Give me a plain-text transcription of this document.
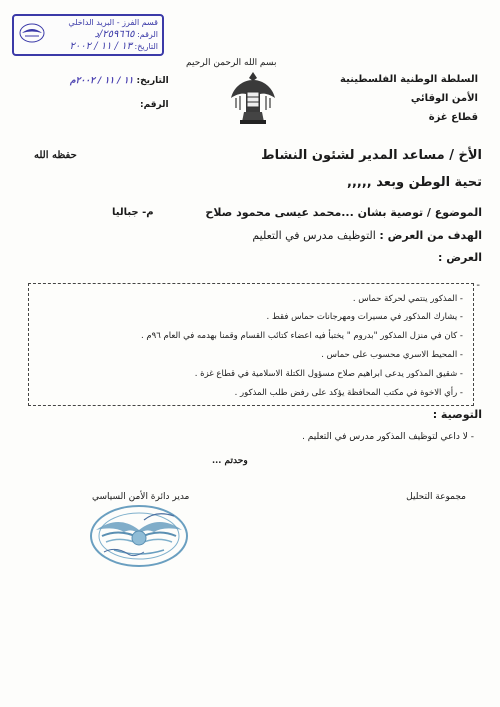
قسم الفرز - البريد الداخلي
الرقم: ٢٥٩٦٦٥/د
التاريخ: ١٣ / ١١ / ٢٠٠٢
بسم الله الرحمن الرحيم
التاريخ: ١١ / ١١ / ٢٠٠٢م
الرقم:
السلطة الوطنية الفلسطينية
الأمن الوقائي
قطاع غزة
الأخ / مساعد المدير لشئون النشاط
حفظه الله
تحية الوطن وبعد ,,,,,
الموضوع / توصية بشان ...محمد عيسى محمود صلاح
م- جباليا
الهدف من العرض : التوظيف مدرس في التعليم
العرض :
-
- المذكور ينتمي لحركة حماس .
- يشارك المذكور في مسيرات ومهرجانات حماس فقط .
- كان في منزل المذكور "بدروم " يختبأ فيه اعضاء كتائب القسام وقمنا بهدمه في العام ٩٦م .
- المحيط الاسري محسوب على حماس .
- شقيق المذكور يدعى ابراهيم صلاح مسؤول الكتلة الاسلامية في قطاع غزة .
- رأي الاخوة في مكتب المحافظة يؤكد على رفض طلب المذكور .
التوصية :
- لا داعي لتوظيف المذكور مدرس في التعليم .
وحدتم ...
مجموعة التحليل
مدير دائرة الأمن السياسي
